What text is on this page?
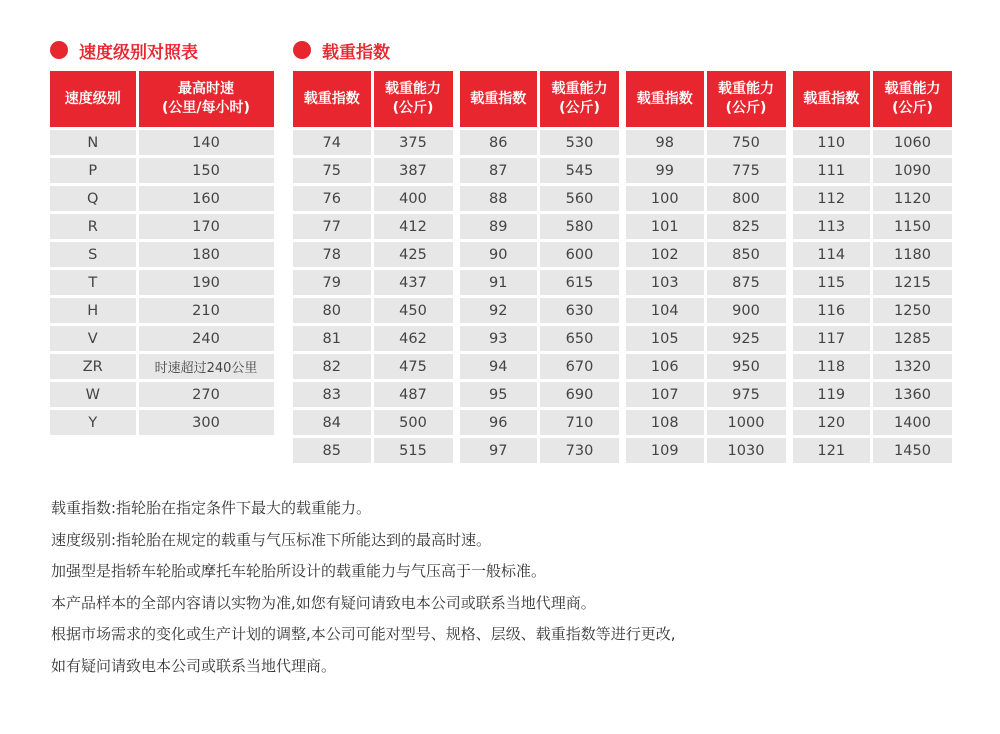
速度级别对照表	载重指数
速度级别	最高时速
(公里/每小时)
N	140
P	150
Q	160
R	170
S	180
T	190
H	210
V	240
ZR	时速超过240公里
W	270
Y	300

载重指数	载重能力
(公斤)		载重指数	载重能力
(公斤)		载重指数	载重能力
(公斤)		载重指数	载重能力
(公斤)
74	375		86	530		98	750		110	1060
75	387		87	545		99	775		111	1090
76	400		88	560		100	800		112	1120
77	412		89	580		101	825		113	1150
78	425		90	600		102	850		114	1180
79	437		91	615		103	875		115	1215
80	450		92	630		104	900		116	1250
81	462		93	650		105	925		117	1285
82	475		94	670		106	950		118	1320
83	487		95	690		107	975		119	1360
84	500		96	710		108	1000		120	1400
85	515		97	730		109	1030		121	1450
载重指数:指轮胎在指定条件下最大的载重能力。
速度级别:指轮胎在规定的载重与气压标准下所能达到的最高时速。
加强型是指轿车轮胎或摩托车轮胎所设计的载重能力与气压高于一般标准。
本产品样本的全部内容请以实物为准,如您有疑问请致电本公司或联系当地代理商。
根据市场需求的变化或生产计划的调整,本公司可能对型号、规格、层级、载重指数等进行更改,
如有疑问请致电本公司或联系当地代理商。
